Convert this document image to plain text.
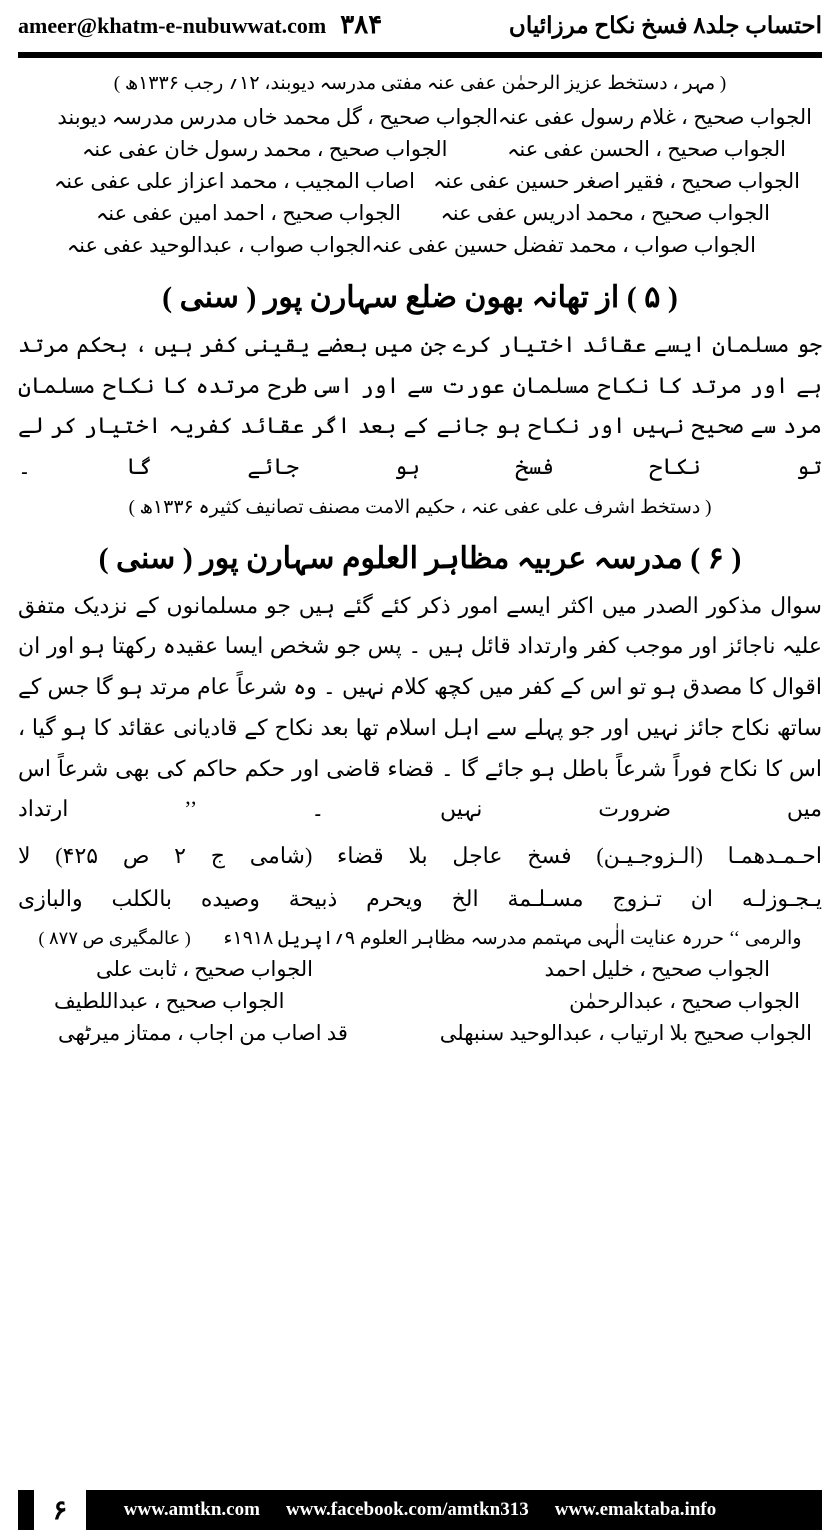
احتساب جلد۸ فسخ نکاح مرزائیاں
ameer@khatm-e-nubuwwat.com ۳۸۴
( مہر ، دستخط عزیز الرحمٰن عفی عنہ مفتی مدرسہ دیوبند، ۱۲؍ رجب ۱۳۳۶ھ )
الجواب صحیح ، غلام رسول عفی عنہ
الجواب صحیح ، گل محمد خاں مدرس مدرسہ دیوبند
الجواب صحیح ، الحسن عفی عنہ
الجواب صحیح ، محمد رسول خان عفی عنہ
الجواب صحیح ، فقیر اصغر حسین عفی عنہ
اصاب المجیب ، محمد اعزاز علی عفی عنہ
الجواب صحیح ، محمد ادریس عفی عنہ
الجواب صحیح ، احمد امین عفی عنہ
الجواب صواب ، محمد تفضل حسین عفی عنہ
الجواب صواب ، عبدالوحید عفی عنہ
( ۵ ) از تھانہ بھون ضلع سہارن پور ( سنی )
جو مسلمان ایسے عقائد اختیار کرے جن میں بعضے یقینی کفر ہیں ، بحکم مرتد ہے اور مرتد کا نکاح مسلمان عورت سے اور اسی طرح مرتدہ کا نکاح مسلمان مرد سے صحیح نہیں اور نکاح ہو جانے کے بعد اگر عقائد کفریہ اختیار کر لے تو نکاح فسخ ہو جائے گا ۔
( دستخط اشرف علی عفی عنہ ، حکیم الامت مصنف تصانیف کثیرہ ۱۳۳۶ھ )
( ۶ ) مدرسہ عربیہ مظاہر العلوم سہارن پور ( سنی )
سوال مذکور الصدر میں اکثر ایسے امور ذکر کئے گئے ہیں جو مسلمانوں کے نزدیک متفق علیہ ناجائز اور موجب کفر وارتداد قائل ہیں ۔ پس جو شخص ایسا عقیدہ رکھتا ہو اور ان اقوال کا مصدق ہو تو اس کے کفر میں کچھ کلام نہیں ۔ وہ شرعاً عام مرتد ہو گا جس کے ساتھ نکاح جائز نہیں اور جو پہلے سے اہل اسلام تھا بعد نکاح کے قادیانی عقائد کا ہو گیا ، اس کا نکاح فوراً شرعاً باطل ہو جائے گا ۔ قضاء قاضی اور حکم حاکم کی بھی شرعاً اس میں ضرورت نہیں ۔ ’’ ارتداد
احـمـدهمـا (الـزوجـيـن) فسخ عاجل بلا قضاء (شامی ج ۲ ص ۴۲۵) لا
يـجـوزلـه ان تـزوج مسـلـمة الخ ويحرم ذبيحة وصيده بالكلب والبازی
والرمی ‘‘ حررہ عنایت الٰہی مہتمم مدرسہ مظاہر العلوم ۹؍اپریل ۱۹۱۸ء ( عالمگیری ص ۸۷۷ )
الجواب صحیح ، خلیل احمد
الجواب صحیح ، ثابت علی
الجواب صحیح ، عبدالرحمٰن
الجواب صحیح ، عبداللطیف
الجواب صحیح بلا ارتیاب ، عبدالوحید سنبھلی
قد اصاب من اجاب ، ممتاز میرٹھی
www.amtkn.com www.facebook.com/amtkn313 www.emaktaba.info
۶
